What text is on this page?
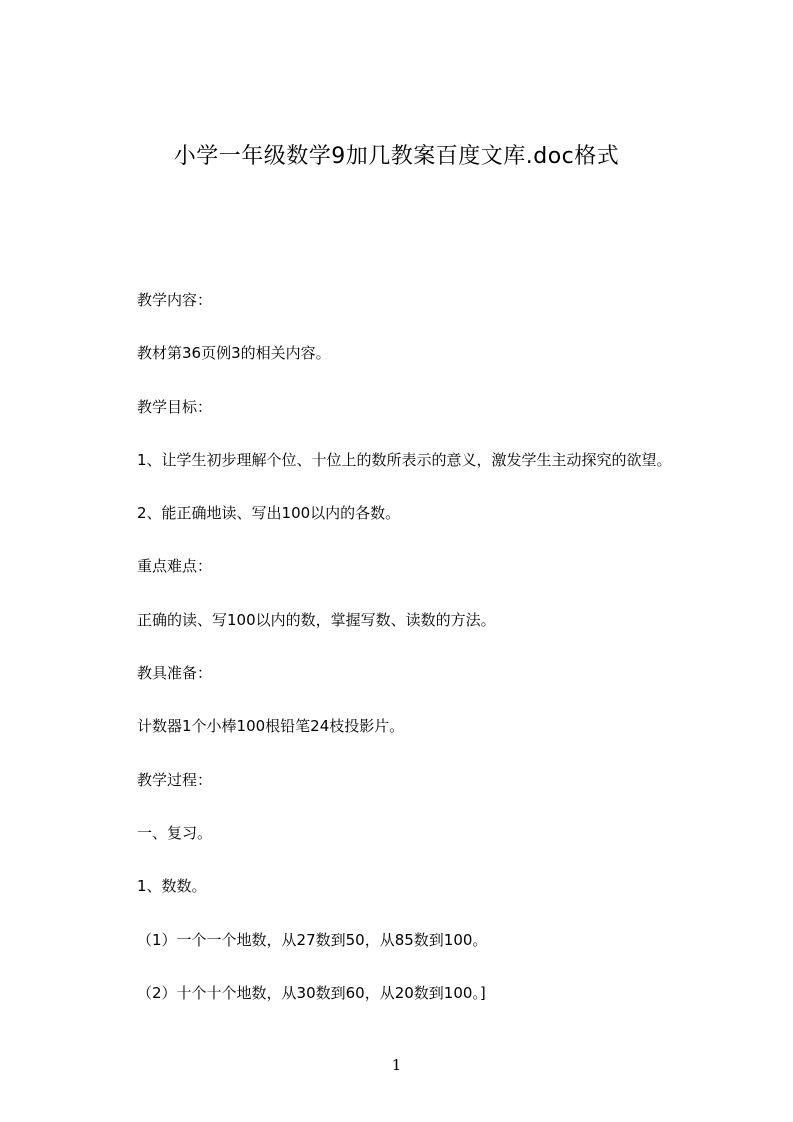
小学一年级数学9加几教案百度文库.doc格式

教学内容：

教材第36页例3的相关内容。

教学目标：

1、让学生初步理解个位、十位上的数所表示的意义，激发学生主动探究的欲望。

2、能正确地读、写出100以内的各数。

重点难点：

正确的读、写100以内的数，掌握写数、读数的方法。

教具准备：

计数器1个小棒100根铅笔24枝投影片。

教学过程：

一、复习。

1、数数。

（1）一个一个地数，从27数到50，从85数到100。

（2）十个十个地数，从30数到60，从20数到100。]

1
